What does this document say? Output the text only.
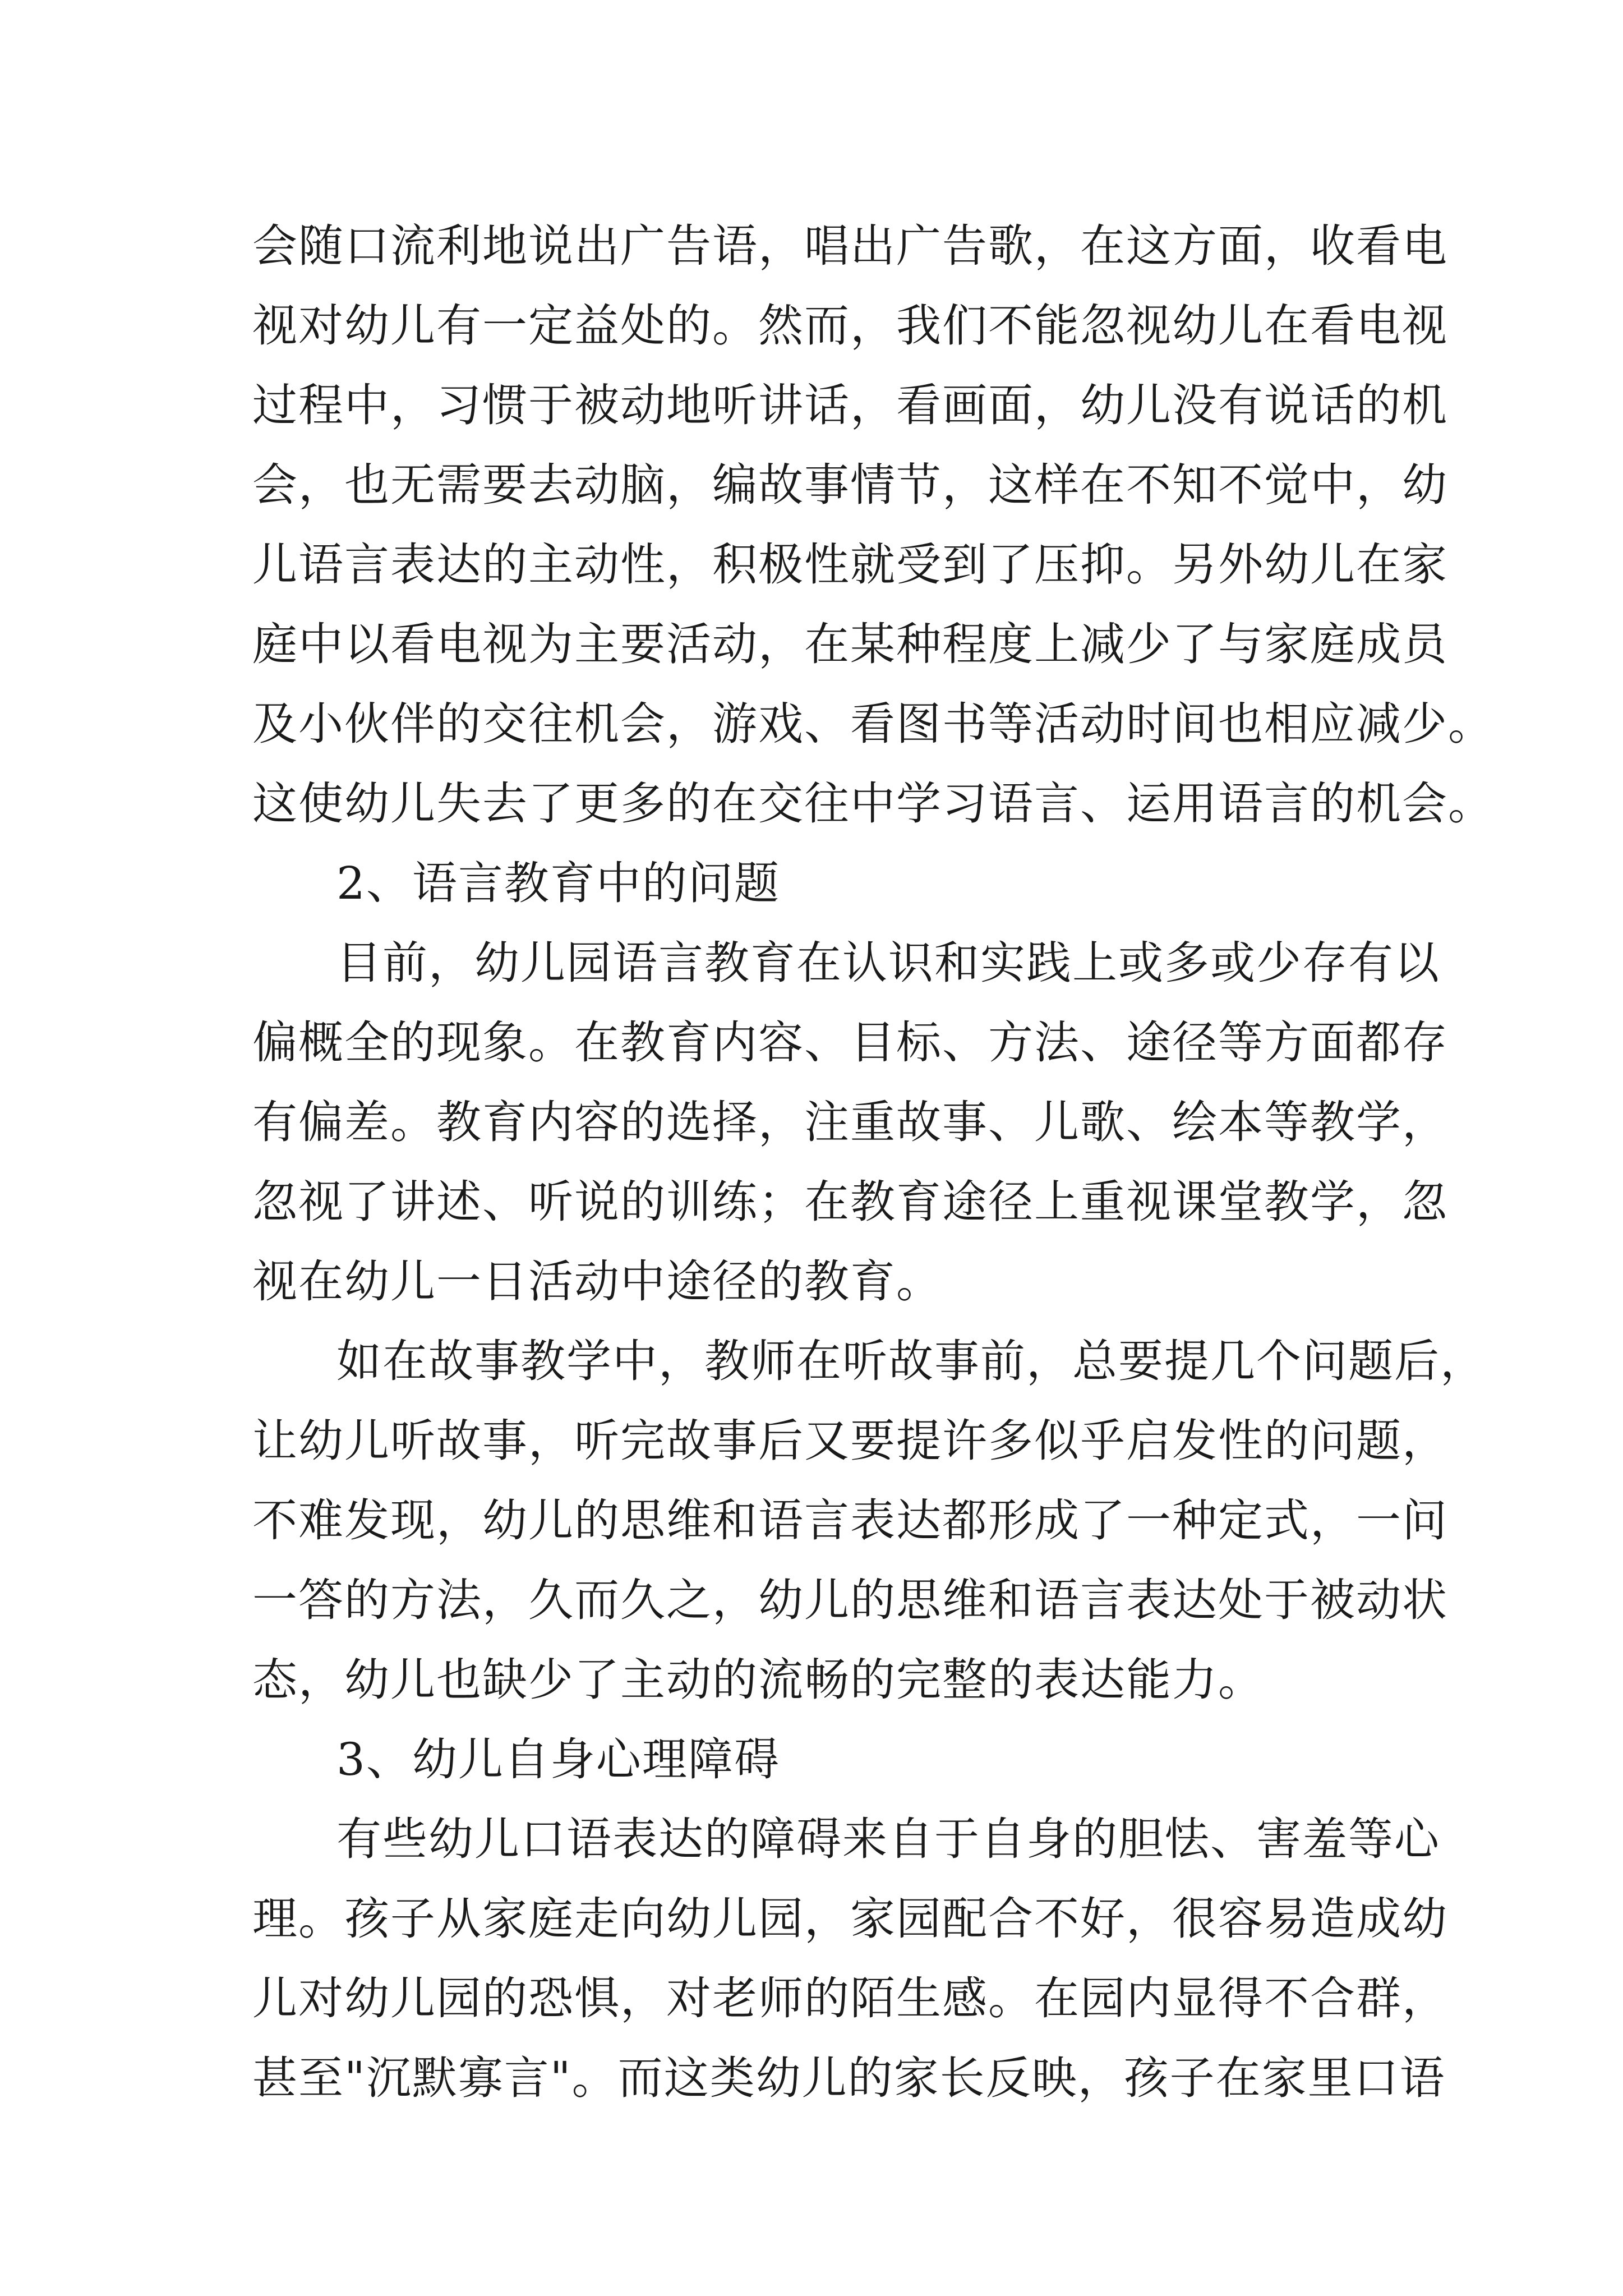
会随口流利地说出广告语，唱出广告歌，在这方面，收看电
视对幼儿有一定益处的。然而，我们不能忽视幼儿在看电视
过程中，习惯于被动地听讲话，看画面，幼儿没有说话的机
会，也无需要去动脑，编故事情节，这样在不知不觉中，幼
儿语言表达的主动性，积极性就受到了压抑。另外幼儿在家
庭中以看电视为主要活动，在某种程度上减少了与家庭成员
及小伙伴的交往机会，游戏、看图书等活动时间也相应减少。
这使幼儿失去了更多的在交往中学习语言、运用语言的机会。

2、语言教育中的问题

目前，幼儿园语言教育在认识和实践上或多或少存有以
偏概全的现象。在教育内容、目标、方法、途径等方面都存
有偏差。教育内容的选择，注重故事、儿歌、绘本等教学，
忽视了讲述、听说的训练；在教育途径上重视课堂教学，忽
视在幼儿一日活动中途径的教育。

如在故事教学中，教师在听故事前，总要提几个问题后，
让幼儿听故事，听完故事后又要提许多似乎启发性的问题，
不难发现，幼儿的思维和语言表达都形成了一种定式，一问
一答的方法，久而久之，幼儿的思维和语言表达处于被动状
态，幼儿也缺少了主动的流畅的完整的表达能力。

3、幼儿自身心理障碍

有些幼儿口语表达的障碍来自于自身的胆怯、害羞等心
理。孩子从家庭走向幼儿园，家园配合不好，很容易造成幼
儿对幼儿园的恐惧，对老师的陌生感。在园内显得不合群，
甚至"沉默寡言"。而这类幼儿的家长反映，孩子在家里口语
